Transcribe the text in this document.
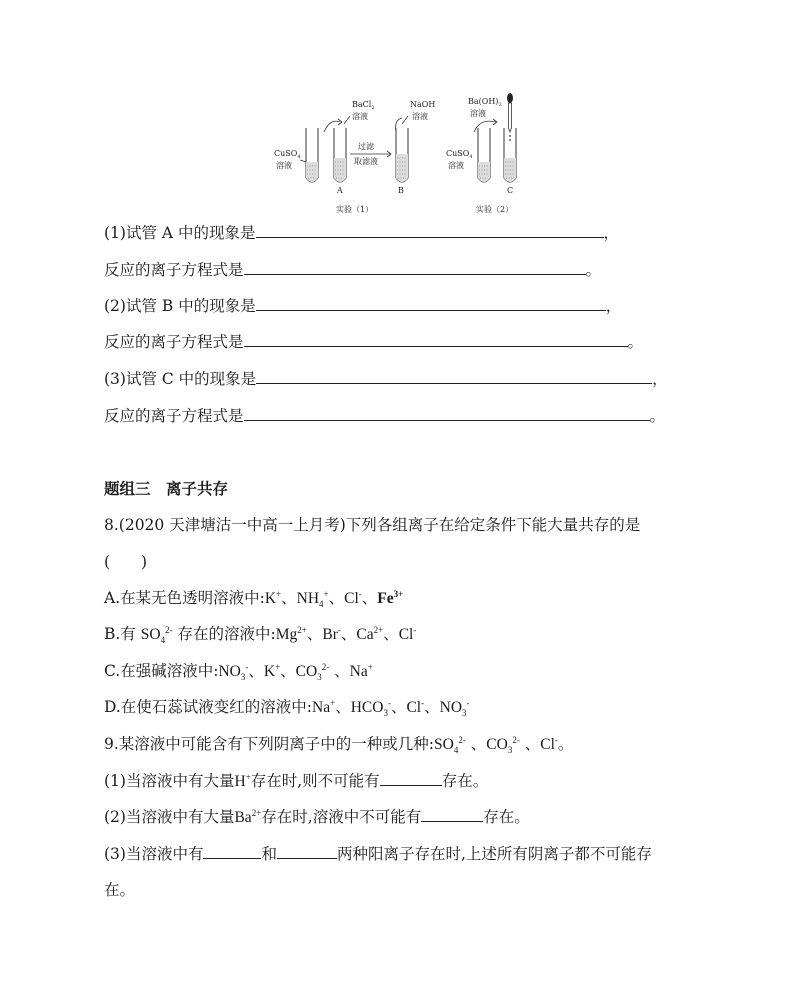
CuSO$_4$
溶液
BaCl$_2$
溶液
A
过滤
取滤液
NaOH
溶液
B
实验（1）
$Ba(OH)_2$
溶液
CuSO$_4$
溶液
C
实验（2）
(1)试管 A 中的现象是	，
反应的离子方程式是	。
(2)试管 B 中的现象是	，
反应的离子方程式是	。
(3)试管 C 中的现象是	，
反应的离子方程式是	。
题组三　离子共存
8.(2020 天津塘沽一中高一上月考)下列各组离子在给定条件下能大量共存的是
(　　)
A.在某无色透明溶液中:K+、$NH_4^+$、Cl-、$Fe^{3+}$
B.有 $SO_4^{2-}$ 存在的溶液中$:Mg^{2+}$、Br-、$Ca^{2+}$、Cl-
C.在强碱溶液中$:NO_3^-$、K+、$CO_3^{2-}$ 、Na+
D.在使石蕊试液变红的溶液中:Na+、$HCO_3^-$、Cl-、$NO_3^-$
9.某溶液中可能含有下列阴离子中的一种或几种$:SO_4^{2-}$ 、$CO_3^{2-}$ 、Cl-。
(1)当溶液中有大量H+存在时,则不可能有	存在。
(2)当溶液中有大量$Ba^{2+}$存在时,溶液中不可能有	存在。
(3)当溶液中有	和	两种阳离子存在时,上述所有阴离子都不可能存
在。
